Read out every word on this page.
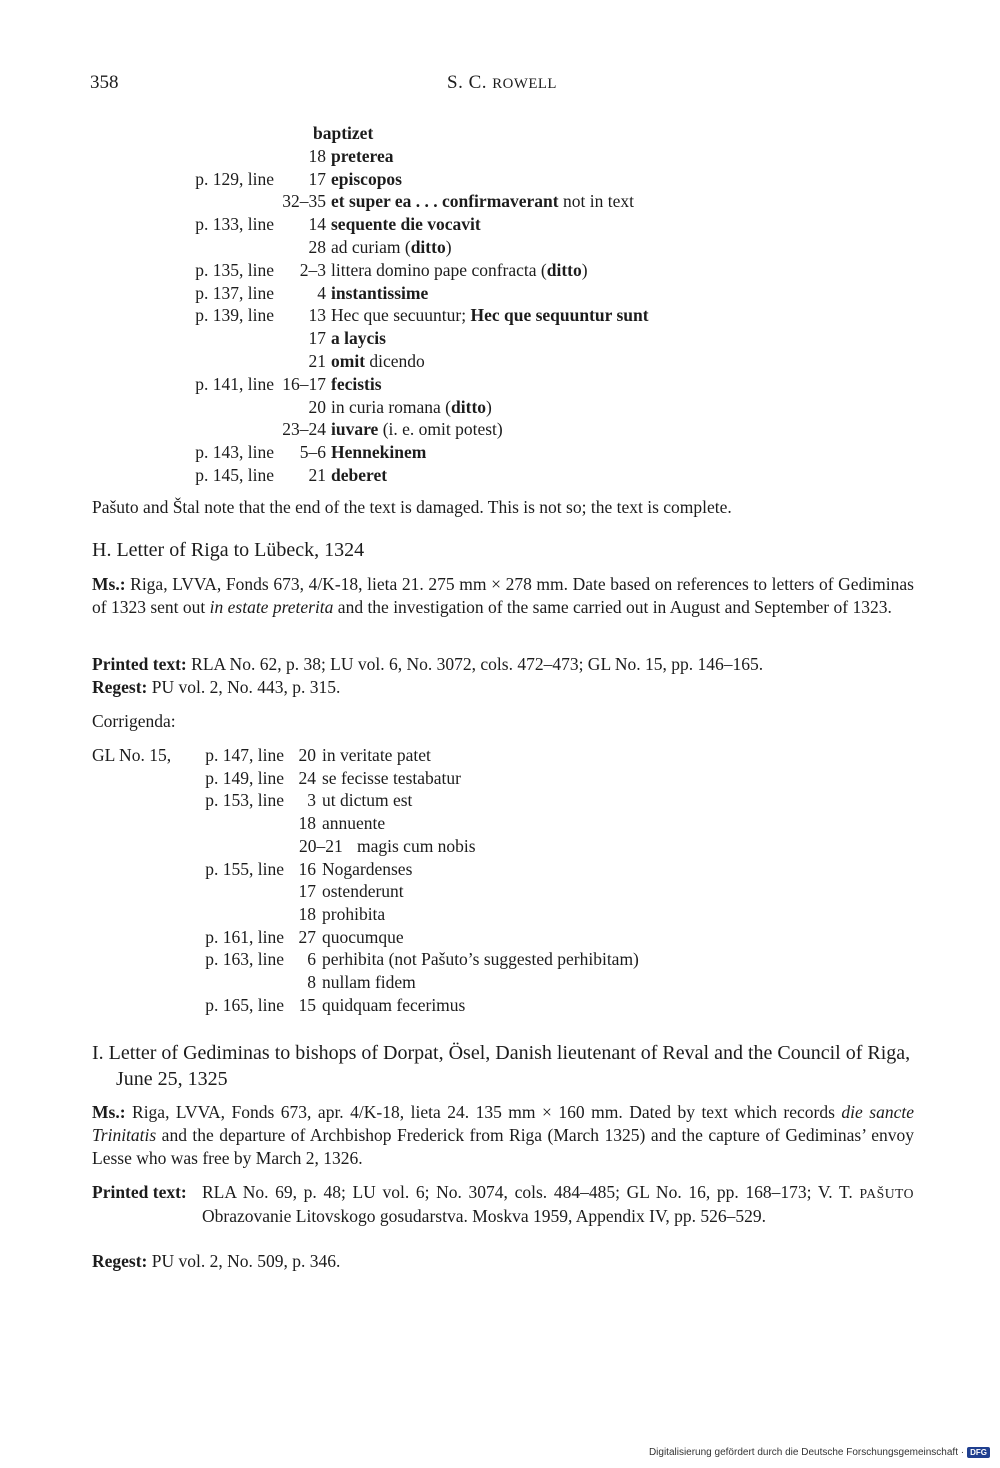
358	S. C. ROWELL
baptizet
18 preterea
p. 129, line	17 episcopos
32–35 et super ea . . . confirmaverant not in text
p. 133, line	14 sequente die vocavit
28 ad curiam (ditto)
p. 135, line	2–3 littera domino pape confracta (ditto)
p. 137, line	4 instantissime
p. 139, line	13 Hec que secuuntur; Hec que sequuntur sunt
17 a laycis
21 omit dicendo
p. 141, line 16–17 fecistis
20 in curia romana (ditto)
23–24 iuvare (i. e. omit potest)
p. 143, line	5–6 Hennekinem
p. 145, line	21 deberet
Pašuto and Štal note that the end of the text is damaged. This is not so; the text is complete.
H. Letter of Riga to Lübeck, 1324
Ms.: Riga, LVVA, Fonds 673, 4/K-18, lieta 21. 275 mm × 278 mm. Date based on references to letters of Gediminas of 1323 sent out in estate preterita and the investigation of the same carried out in August and September of 1323.
Printed text: RLA No. 62, p. 38; LU vol. 6, No. 3072, cols. 472–473; GL No. 15, pp. 146–165.
Regest: PU vol. 2, No. 443, p. 315.
Corrigenda:
GL No. 15,	p. 147, line 20 in veritate patet
p. 149, line 24 se fecisse testabatur
p. 153, line	3 ut dictum est
18 annuente
20–21 magis cum nobis
p. 155, line 16 Nogardenses
17 ostenderunt
18 prohibita
p. 161, line 27 quocumque
p. 163, line	6 perhibita (not Pašuto’s suggested perhibitam)
8 nullam fidem
p. 165, line 15 quidquam fecerimus
I. Letter of Gediminas to bishops of Dorpat, Ösel, Danish lieutenant of Reval and the Council of Riga, June 25, 1325
Ms.: Riga, LVVA, Fonds 673, apr. 4/K-18, lieta 24. 135 mm × 160 mm. Dated by text which records die sancte Trinitatis and the departure of Archbishop Frederick from Riga (March 1325) and the capture of Gediminas’ envoy Lesse who was free by March 2, 1326.
Printed text: RLA No. 69, p. 48; LU vol. 6; No. 3074, cols. 484–485; GL No. 16, pp. 168–173; V. T. PAŠUTO Obrazovanie Litovskogo gosudarstva. Moskva 1959, Appendix IV, pp. 526–529.
Regest: PU vol. 2, No. 509, p. 346.
Digitalisierung gefördert durch die Deutsche Forschungsgemeinschaft · DFG
